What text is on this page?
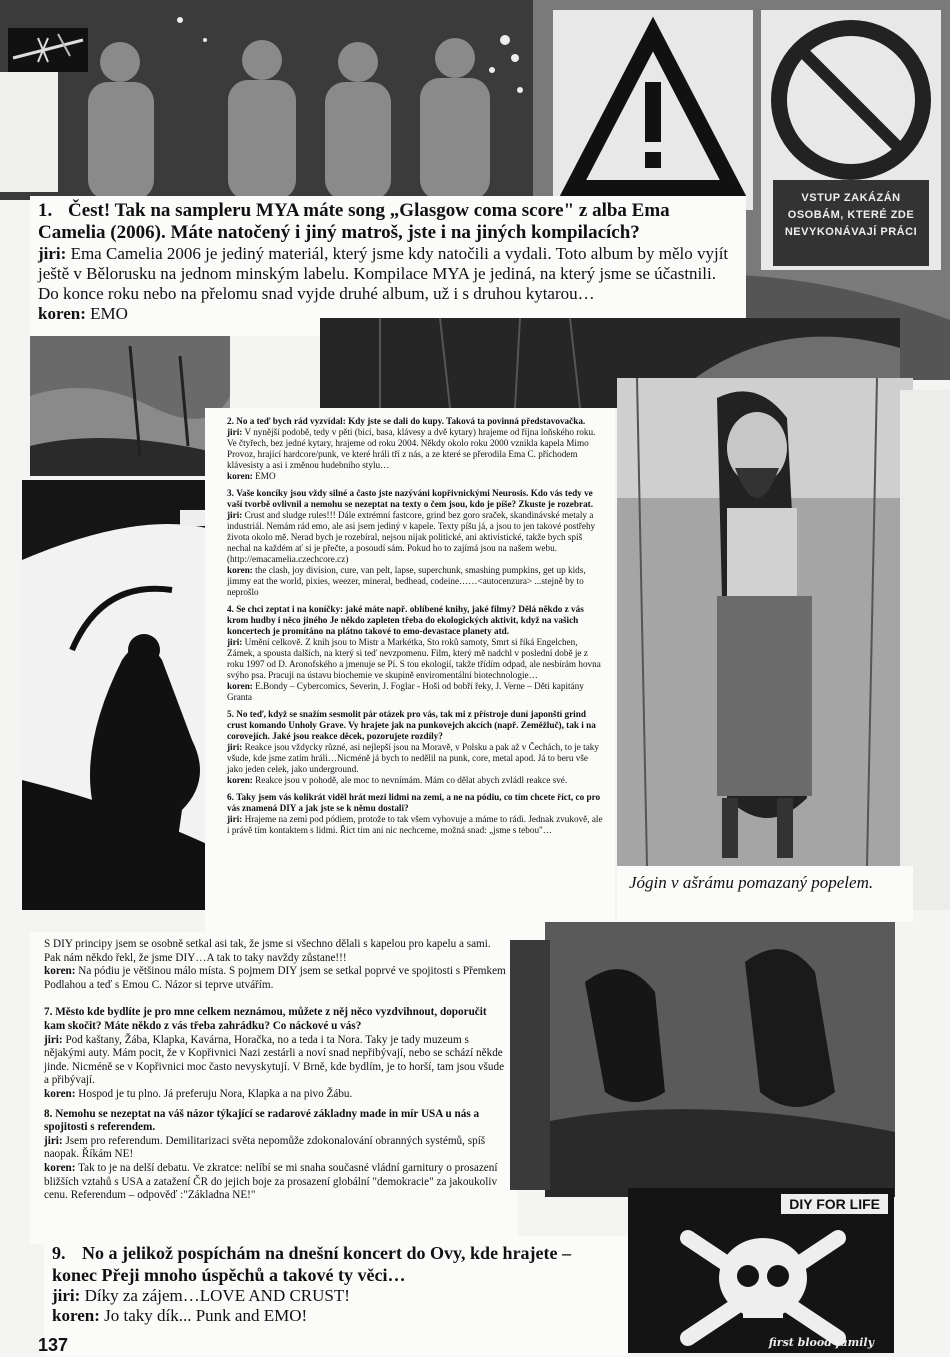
VSTUP ZAKÁZÁN
OSOBÁM, KTERÉ ZDE
NEVYKONÁVAJÍ PRÁCI
1. Čest! Tak na sampleru MYA máte song „Glasgow coma score" z alba Ema Camelia (2006). Máte natočený i jiný matroš, jste i na jiných kompilacích?
jiri: Ema Camelia 2006 je jediný materiál, který jsme kdy natočili a vydali. Toto album by mělo vyjít ještě v Bělorusku na jednom minským labelu. Kompilace MYA je jediná, na který jsme se účastnili. Do konce roku nebo na přelomu snad vyjde druhé album, už i s druhou kytarou…
koren: EMO

2. No a teď bych rád vyzvídal: Kdy jste se dali do kupy. Taková ta povinná představovačka.
jiri: V nynější podobě, tedy v pěti (bicí, basa, klávesy a dvě kytary) hrajeme od října loňského roku. Ve čtyřech, bez jedné kytary, hrajeme od roku 2004. Někdy okolo roku 2000 vznikla kapela Mimo Provoz, hrající hardcore/punk, ve které hráli tří z nás, a ze které se přerodila Ema C. příchodem klávesisty a asi i změnou hudebního stylu…
koren: EMO

3. Vaše koncíky jsou vždy silné a často jste nazýváni kopřivnickými Neurosis. Kdo vás tedy ve vaší tvorbě ovlivnil a nemohu se nezeptat na texty o čem jsou, kdo je píše? Zkuste je rozebrat.
jiri: Crust and sludge rules!!! Dále extrémní fastcore, grind bez goro sraček, skandinávské metaly a industriál. Nemám rád emo, ale asi jsem jediný v kapele. Texty píšu já, a jsou to jen takové postřehy života okolo mě. Nerad bych je rozebíral, nejsou nijak politické, ani aktivistické, takže bych spíš nechal na každém ať si je přečte, a posoudí sám. Pokud ho to zajímá jsou na našem webu. (http://emacamelia.czechcore.cz)
koren: the clash, joy division, cure, van pelt, lapse, superchunk, smashing pumpkins, get up kids, jimmy eat the world, pixies, weezer, mineral, bedhead, codeine……<autocenzura> ...stejně by to neprošlo

4. Se chci zeptat i na koníčky: jaké máte např. oblíbené knihy, jaké filmy? Dělá někdo z vás krom hudby i něco jiného Je někdo zapleten třeba do ekologických aktivit, když na vašich koncertech je promítáno na plátno takové to emo-devastace planety atd.
jiri: Umění celkově. Z knih jsou to Mistr a Markétka, Sto roků samoty, Smrt si říká Engelchen, Zámek, a spousta dalších, na který si teď nevzpomenu. Film, který mě nadchl v poslední době je z roku 1997 od D. Aronofského a jmenuje se Pí. S tou ekologií, takže třídím odpad, ale nesbírám hovna svýho psa. Pracuji na ústavu biochemie ve skupině enviromentální biotechnologie…
koren: E.Bondy – Cybercomics, Severin, J. Foglar - Hoši od bobří řeky, J. Verne – Děti kapitány Granta

5. No teď, když se snažím sesmolit pár otázek pro vás, tak mi z přístroje duní japonští grind crust komando Unholy Grave. Vy hrajete jak na punkovejch akcích (např. Zeměžluč), tak i na corovejích. Jaké jsou reakce děcek, pozorujete rozdíly?
jiri: Reakce jsou vždycky různé, asi nejlepší jsou na Moravě, v Polsku a pak až v Čechách, to je taky všude, kde jsme zatím hráli…Nicméně já bych to nedělil na punk, core, metal apod. Já to beru vše jako jeden celek, jako underground.
koren: Reakce jsou v pohodě, ale moc to nevnímám. Mám co dělat abych zvládl reakce své.

6. Taky jsem vás kolikrát viděl hrát mezi lidmi na zemi, a ne na pódiu, co tím chcete říct, co pro vás znamená DIY a jak jste se k němu dostali?
jiri: Hrajeme na zemi pod pódiem, protože to tak všem vyhovuje a máme to rádi. Jednak zvukově, ale i právě tím kontaktem s lidmi. Říct tím ani nic nechceme, možná snad: „jsme s tebou"…

Jógin v ašrámu pomazaný popelem.

S DIY principy jsem se osobně setkal asi tak, že jsme si všechno dělali s kapelou pro kapelu a sami. Pak nám někdo řekl, že jsme DIY…A tak to taky navždy zůstane!!!
koren: Na pódiu je většinou málo místa. S pojmem DIY jsem se setkal poprvé ve spojitosti s Přemkem Podlahou a teď s Emou C. Názor si teprve utvářím.

7. Město kde bydlíte je pro mne celkem neznámou, můžete z něj něco vyzdvihnout, doporučit kam skočit? Máte někdo z vás třeba zahrádku? Co náckové u vás?
jiri: Pod kaštany, Žába, Klapka, Kavárna, Horačka, no a teda i ta Nora. Taky je tady muzeum s nějakými auty. Mám pocit, že v Kopřivnici Nazi zestárli a noví snad nepřibývají, nebo se schází někde jinde. Nicméně se v Kopřivnici moc často nevyskytují. V Brně, kde bydlím, je to horší, tam jsou všude a přibývají.
koren: Hospod je tu plno. Já preferuju Nora, Klapka a na pivo Žábu.

8. Nemohu se nezeptat na váš názor týkající se radarové základny made in mír USA u nás a spojitosti s referendem.
jiri: Jsem pro referendum. Demilitarizaci světa nepomůže zdokonalování obranných systémů, spíš naopak. Říkám NE!
koren: Tak to je na delší debatu. Ve zkratce: nelíbí se mi snaha současné vládní garnitury o prosazení bližších vztahů s USA a zatažení ČR do jejich boje za prosazení globální "demokracie" za jakoukoliv cenu. Referendum – odpověď :"Základna NE!"

DIY FOR LIFE
first blood family
9. No a jelikož pospíchám na dnešní koncert do Ovy, kde hrajete – konec Přeji mnoho úspěchů a takové ty věci…
jiri: Díky za zájem…LOVE AND CRUST!
koren: Jo taky dík... Punk and EMO!
137
